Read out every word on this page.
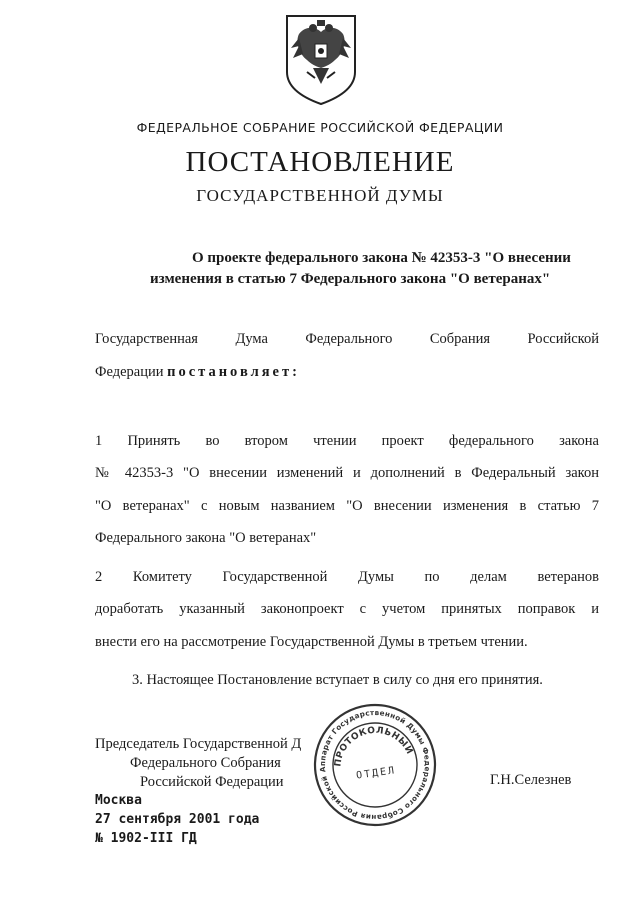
ФЕДЕРАЛЬНОЕ СОБРАНИЕ РОССИЙСКОЙ ФЕДЕРАЦИИ
ПОСТАНОВЛЕНИЕ
ГОСУДАРСТВЕННОЙ ДУМЫ
О проекте федерального закона № 42353-3 "О внесении
изменения в статью 7 Федерального закона "О ветеранах"
Государственная Дума Федерального Собрания Российской
Федерации постановляет:
1 Принять во втором чтении проект федерального закона
№ 42353-3 "О внесении изменений и дополнений в Федеральный закон
"О ветеранах" с новым названием "О внесении изменения в статью 7
Федерального закона "О ветеранах"
2 Комитету Государственной Думы по делам ветеранов
доработать указанный законопроект с учетом принятых поправок и
внести его на рассмотрение Государственной Думы в третьем чтении.
3. Настоящее Постановление вступает в силу со дня его принятия.
Председатель Государственной Д
Федерального Собрания
Российской Федерации	Г.Н.Селезнев
Москва
27 сентября 2001 года
№ 1902-III ГД
Аппарат Государственной Думы Федерального Собрания Российской
ПРОТОКОЛЬНЫЙ
ОТДЕЛ
